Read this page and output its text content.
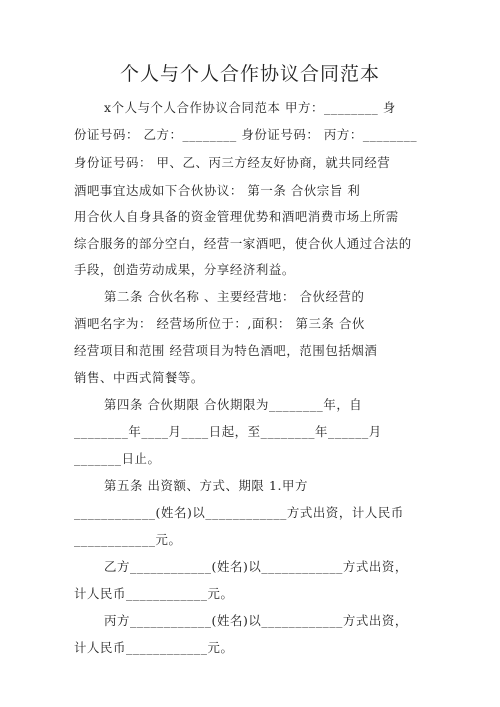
个人与个人合作协议合同范本
x个人与个人合作协议合同范本 甲方：________ 身
份证号码： 乙方：________ 身份证号码： 丙方：________
身份证号码： 甲、乙、丙三方经友好协商，就共同经营
酒吧事宜达成如下合伙协议： 第一条 合伙宗旨 利
用合伙人自身具备的资金管理优势和酒吧消费市场上所需
综合服务的部分空白，经营一家酒吧，使合伙人通过合法的
手段，创造劳动成果，分享经济利益。
第二条 合伙名称 、主要经营地： 合伙经营的
酒吧名字为： 经营场所位于：,面积： 第三条 合伙
经营项目和范围 经营项目为特色酒吧，范围包括烟酒
销售、中西式简餐等。
第四条 合伙期限 合伙期限为________年，自
________年____月____日起，至________年______月
_______日止。
第五条 出资额、方式、期限 1.甲方
____________(姓名)以____________方式出资，计人民币
____________元。
乙方____________(姓名)以____________方式出资，
计人民币____________元。
丙方____________(姓名)以____________方式出资，
计人民币____________元。
